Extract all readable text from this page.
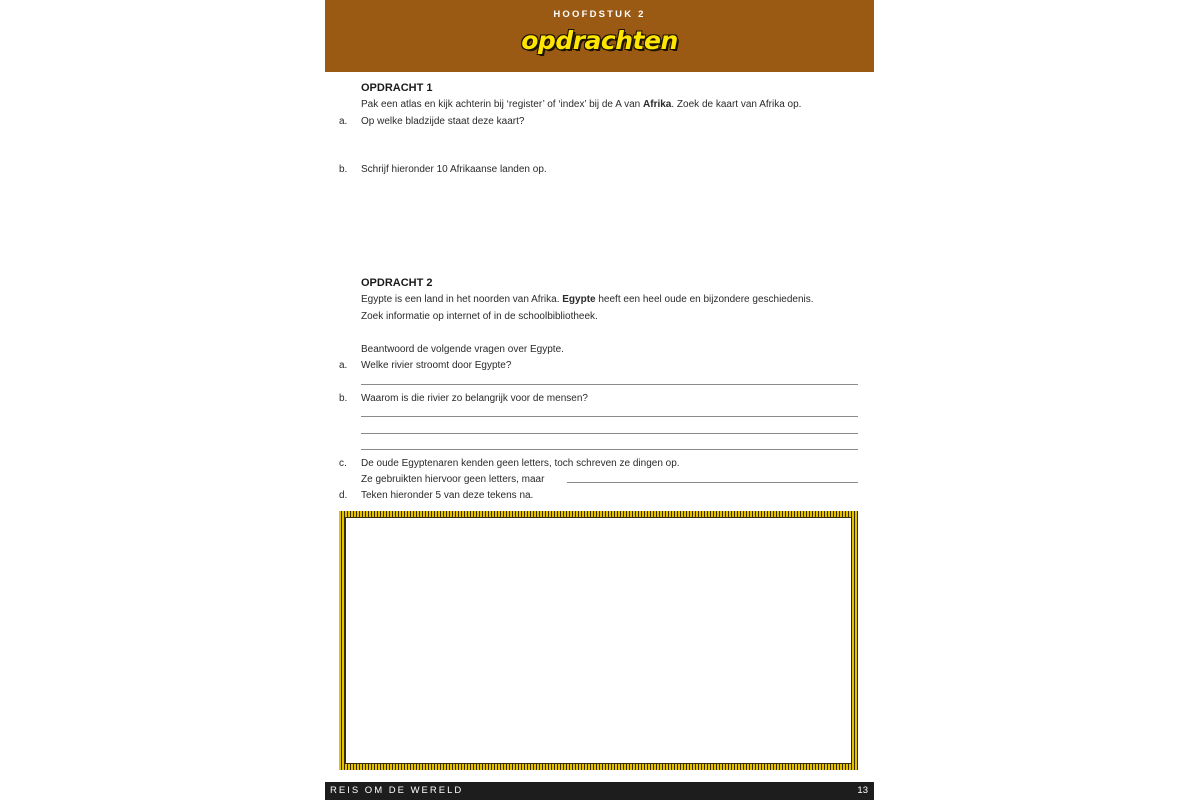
HOOFDSTUK 2
opdrachten
OPDRACHT 1
Pak een atlas en kijk achterin bij ‘register’ of ‘index’ bij de A van Afrika. Zoek de kaart van Afrika op.
a. Op welke bladzijde staat deze kaart?
b. Schrijf hieronder 10 Afrikaanse landen op.
OPDRACHT 2
Egypte is een land in het noorden van Afrika. Egypte heeft een heel oude en bijzondere geschiedenis.
Zoek informatie op internet of in de schoolbibliotheek.
Beantwoord de volgende vragen over Egypte.
a. Welke rivier stroomt door Egypte?
b. Waarom is die rivier zo belangrijk voor de mensen?
c. De oude Egyptenaren kenden geen letters, toch schreven ze dingen op.
Ze gebruikten hiervoor geen letters, maar
d. Teken hieronder 5 van deze tekens na.
REIS OM DE WERELD	13
